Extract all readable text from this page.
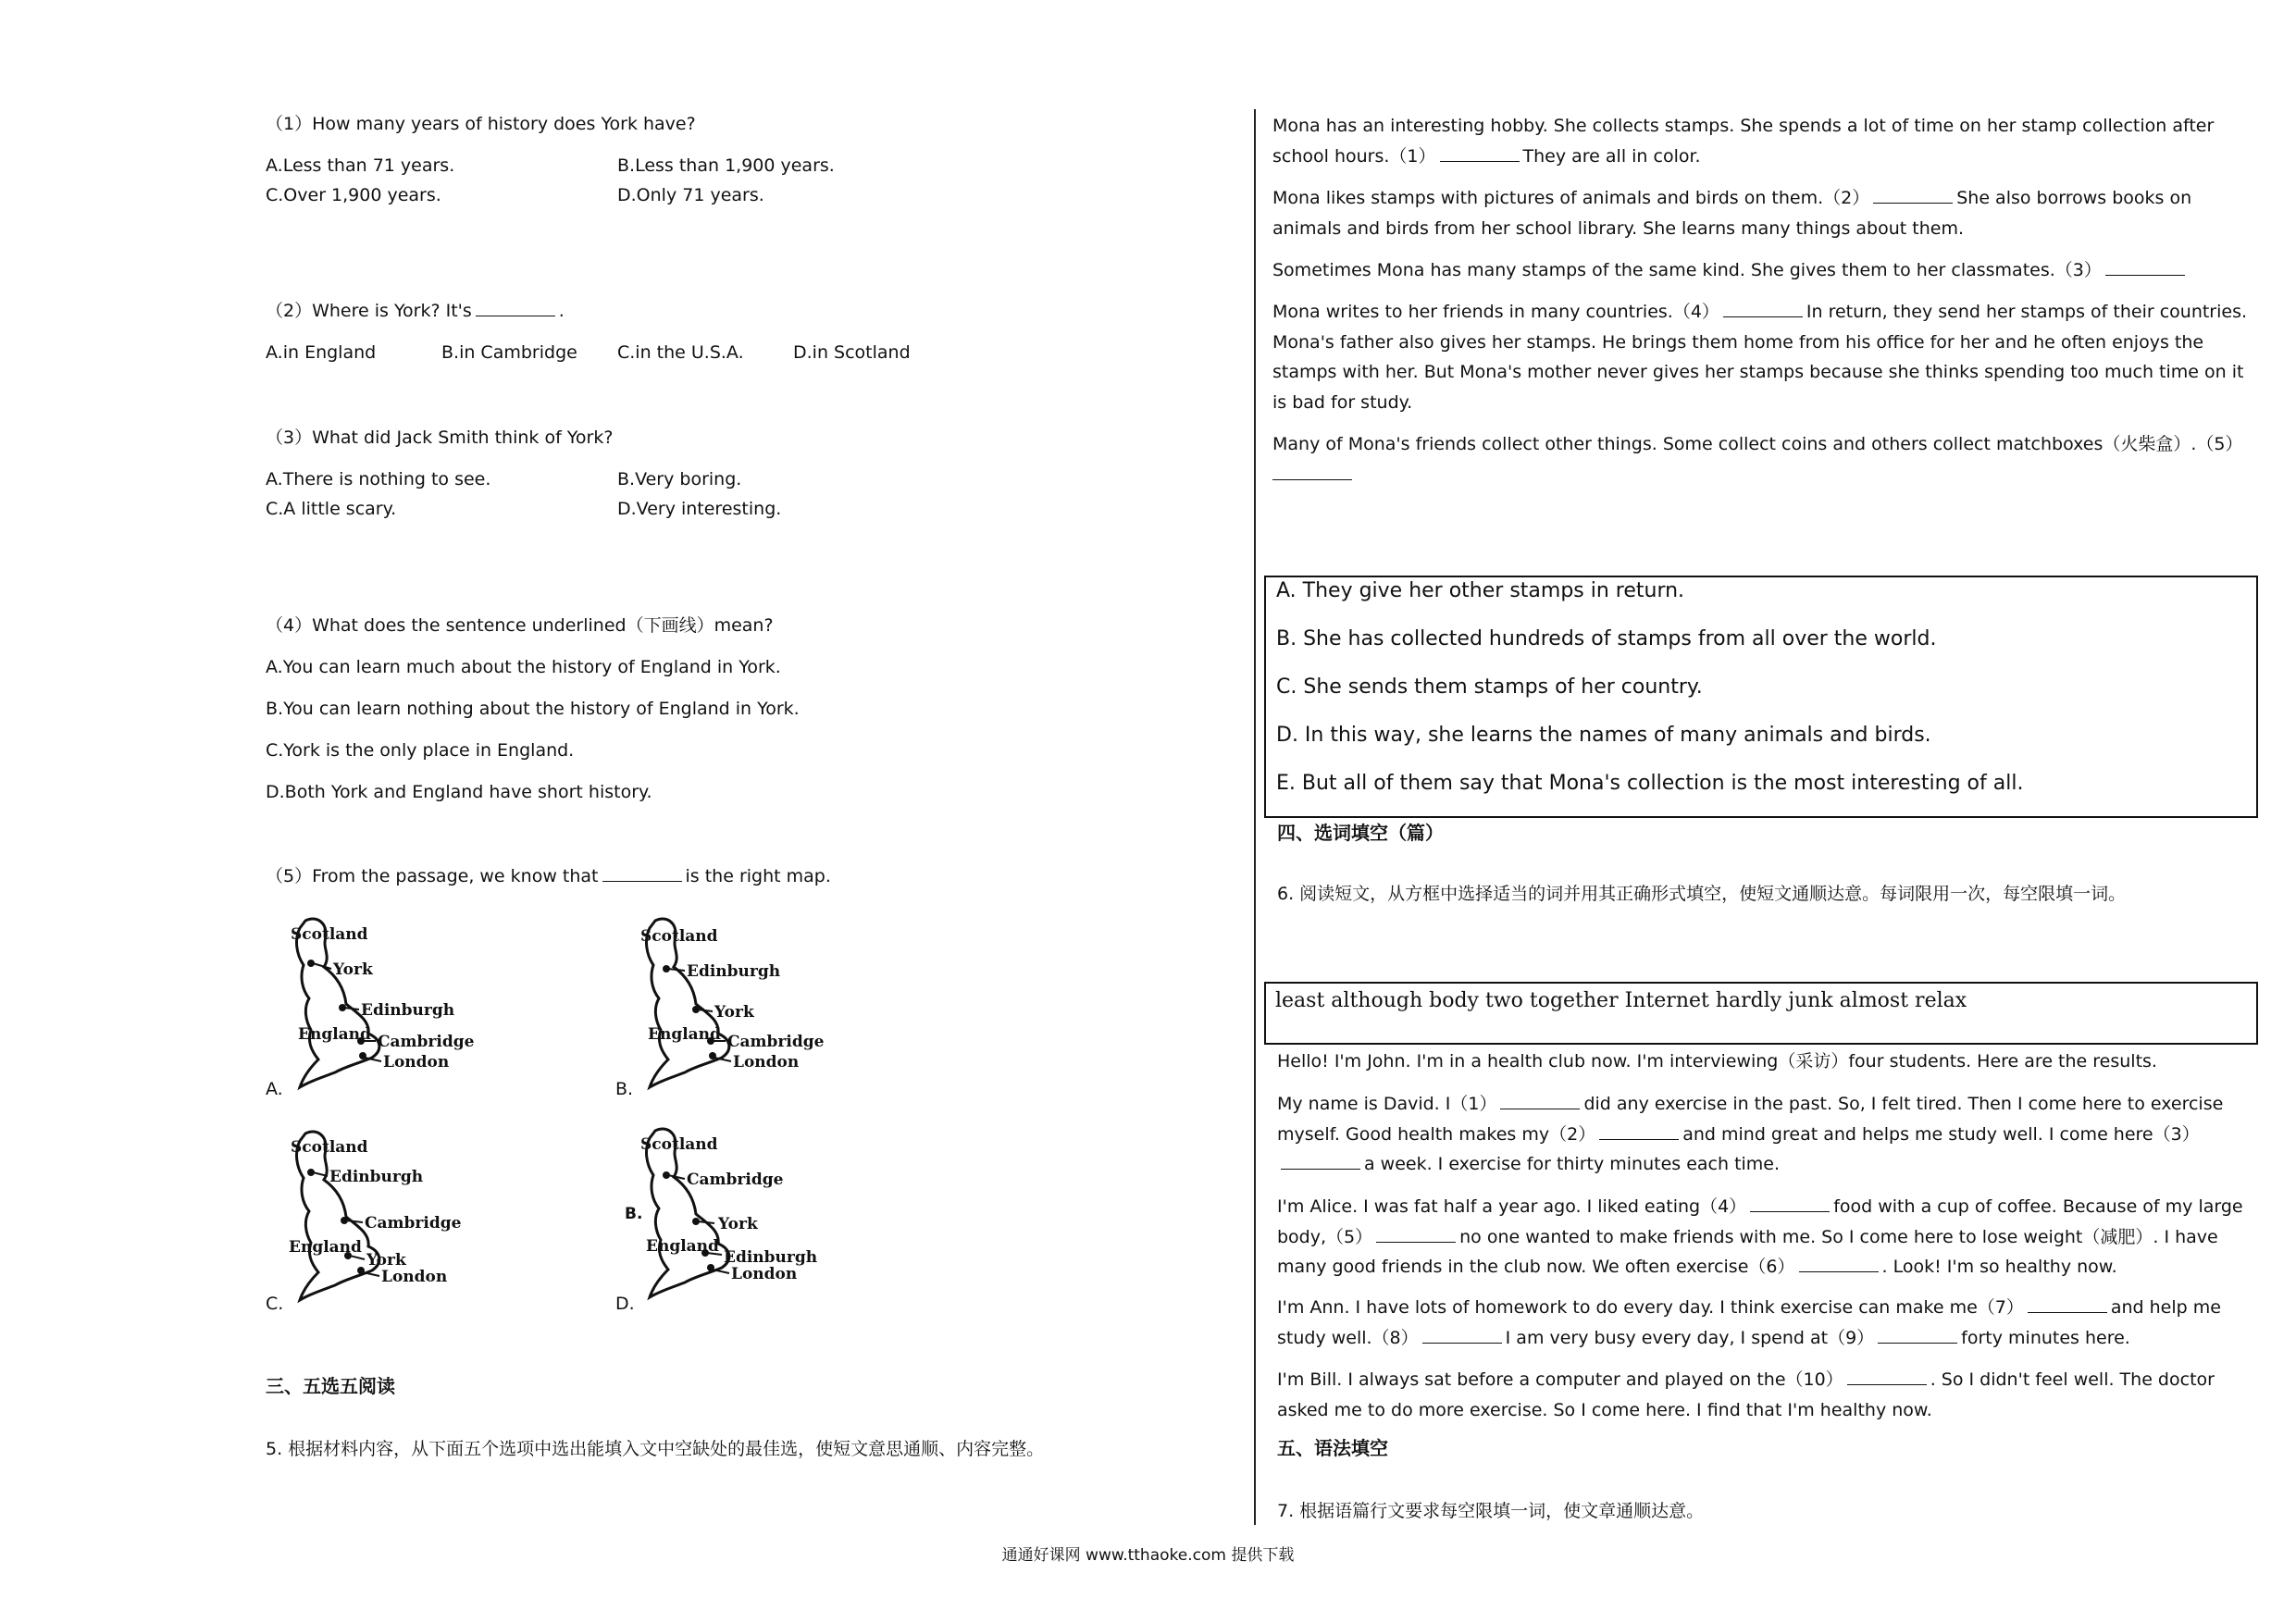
（1）How many years of history does York have?
A.Less than 71 years.	B.Less than 1,900 years.
C.Over 1,900 years.	D.Only 71 years.
（2）Where is York? It's	.
A.in England	B.in Cambridge C.in the U.S.A.	D.in Scotland
（3）What did Jack Smith think of York?
A.There is nothing to see.	B.Very boring.
C.A little scary.	D.Very interesting.
（4）What does the sentence underlined（下画线）mean?
A.You can learn much about the history of England in York.
B.You can learn nothing about the history of England in York.
C.York is the only place in England.
D.Both York and England have short history.
（5）From the passage, we know that	is the right map.
Scotland
York
Edinburgh
England Cambridge
London
A.
Scotland
Edinburgh
York
England Cambridge
London
B.
Scotland
Edinburgh
Cambridge
England
York
London
C.
Scotland
Cambridge
York
England
Edinburgh
London
B.
D.
三、五选五阅读
5. 根据材料内容，从下面五个选项中选出能填入文中空缺处的最佳选，使短文意思通顺、内容完整。
Mona has an interesting hobby. She collects stamps. She spends a lot of time on her stamp collection after school hours.（1）	They are all in color.
Mona likes stamps with pictures of animals and birds on them.（2）	She also borrows books on animals and birds from her school library. She learns many things about them.
Sometimes Mona has many stamps of the same kind. She gives them to her classmates.（3）
Mona writes to her friends in many countries.（4）	In return, they send her stamps of their countries. Mona's father also gives her stamps. He brings them home from his office for her and he often enjoys the stamps with her. But Mona's mother never gives her stamps because she thinks spending too much time on it is bad for study.
Many of Mona's friends collect other things. Some collect coins and others collect matchboxes（火柴盒）.（5）

A. They give her other stamps in return.
B. She has collected hundreds of stamps from all over the world.
C. She sends them stamps of her country.
D. In this way, she learns the names of many animals and birds.
E. But all of them say that Mona's collection is the most interesting of all.
四、选词填空（篇）
6. 阅读短文，从方框中选择适当的词并用其正确形式填空，使短文通顺达意。每词限用一次，每空限填一词。
least although body two together Internet hardly junk almost relax
Hello! I'm John. I'm in a health club now. I'm interviewing（采访）four students. Here are the results.
My name is David. I（1）	did any exercise in the past. So, I felt tired. Then I come here to exercise myself. Good health makes my（2）	and mind great and helps me study well. I come here（3）a week. I exercise for thirty minutes each time.
I'm Alice. I was fat half a year ago. I liked eating（4）	food with a cup of coffee. Because of my large body,（5）	no one wanted to make friends with me. So I come here to lose weight（减肥）. I have many good friends in the club now. We often exercise（6）	. Look! I'm so healthy now.
I'm Ann. I have lots of homework to do every day. I think exercise can make me（7）	and help me study well.（8）	I am very busy every day, I spend at（9）	forty minutes here.
I'm Bill. I always sat before a computer and played on the（10）	. So I didn't feel well. The doctor asked me to do more exercise. So I come here. I find that I'm healthy now.
五、语法填空
7. 根据语篇行文要求每空限填一词，使文章通顺达意。
通通好课网 www.tthaoke.com 提供下载
